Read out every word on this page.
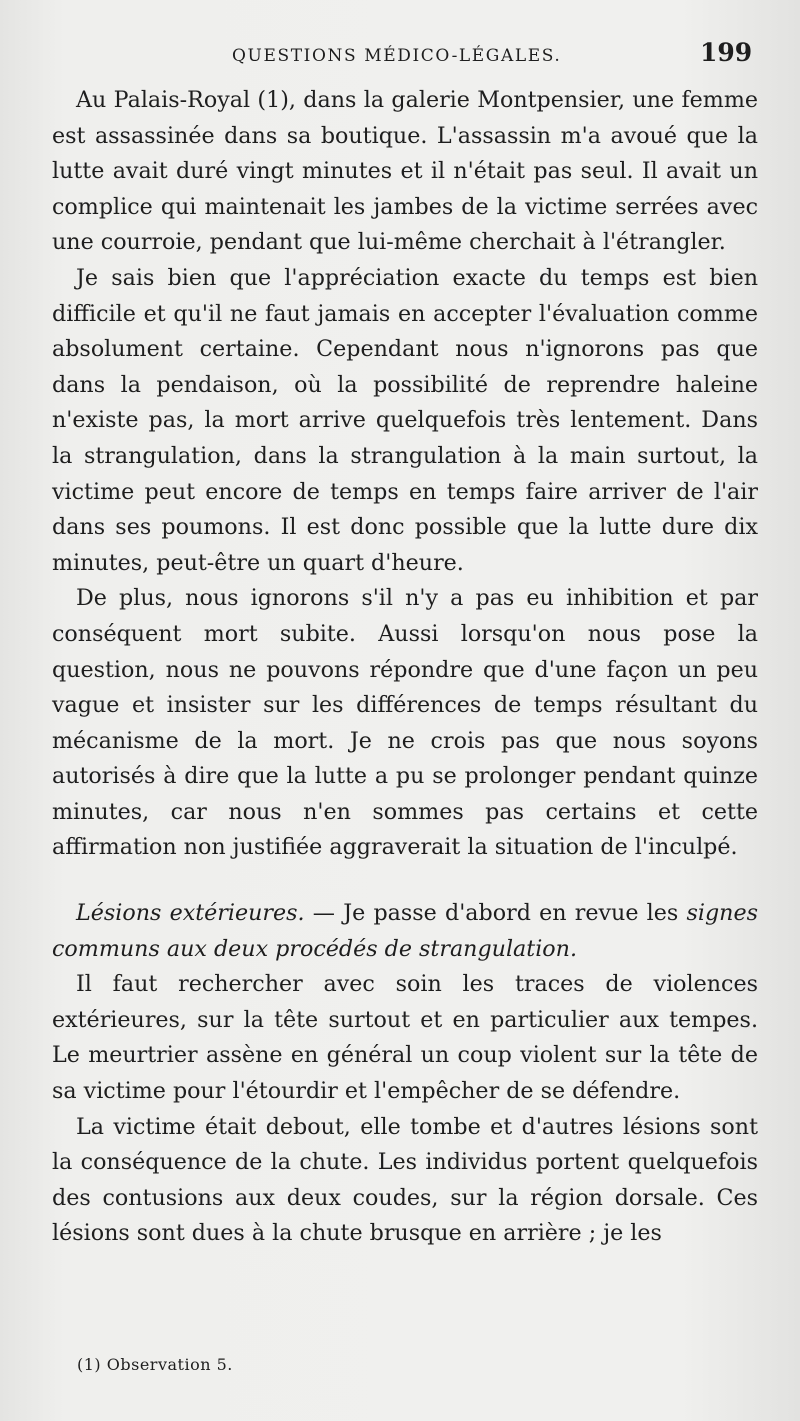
QUESTIONS MÉDICO-LÉGALES.	199

Au Palais-Royal (1), dans la galerie Montpensier, une femme est assassinée dans sa boutique. L'assassin m'a avoué que la lutte avait duré vingt minutes et il n'était pas seul. Il avait un complice qui maintenait les jambes de la victime serrées avec une courroie, pendant que lui-même cherchait à l'étrangler.

Je sais bien que l'appréciation exacte du temps est bien difficile et qu'il ne faut jamais en accepter l'évaluation comme absolument certaine. Cependant nous n'ignorons pas que dans la pendaison, où la possibilité de reprendre haleine n'existe pas, la mort arrive quelquefois très lentement. Dans la strangulation, dans la strangulation à la main surtout, la victime peut encore de temps en temps faire arriver de l'air dans ses poumons. Il est donc possible que la lutte dure dix minutes, peut-être un quart d'heure.

De plus, nous ignorons s'il n'y a pas eu inhibition et par conséquent mort subite. Aussi lorsqu'on nous pose la question, nous ne pouvons répondre que d'une façon un peu vague et insister sur les différences de temps résultant du mécanisme de la mort. Je ne crois pas que nous soyons autorisés à dire que la lutte a pu se prolonger pendant quinze minutes, car nous n'en sommes pas certains et cette affirmation non justifiée aggraverait la situation de l'inculpé.

Lésions extérieures. — Je passe d'abord en revue les signes communs aux deux procédés de strangulation.

Il faut rechercher avec soin les traces de violences extérieures, sur la tête surtout et en particulier aux tempes. Le meurtrier assène en général un coup violent sur la tête de sa victime pour l'étourdir et l'empêcher de se défendre.

La victime était debout, elle tombe et d'autres lésions sont la conséquence de la chute. Les individus portent quelquefois des contusions aux deux coudes, sur la région dorsale. Ces lésions sont dues à la chute brusque en arrière ; je les

(1) Observation 5.
